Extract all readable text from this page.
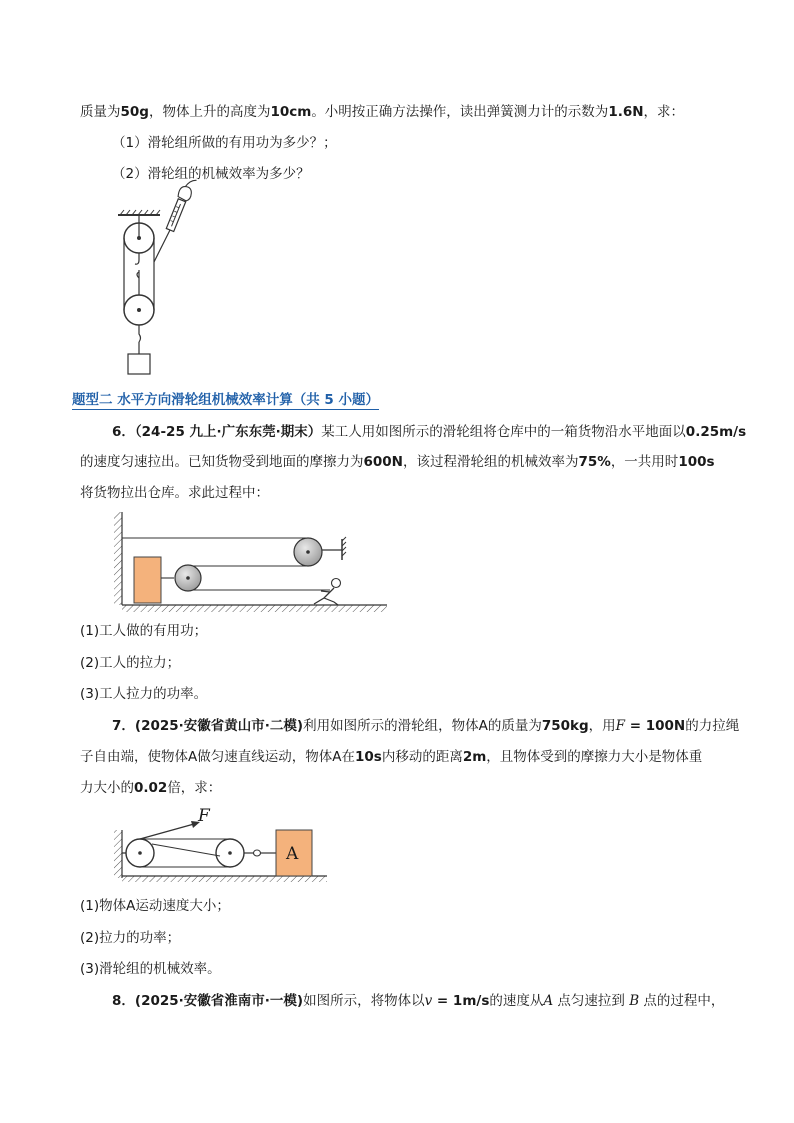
质量为50g，物体上升的高度为10cm。小明按正确方法操作，读出弹簧测力计的示数为1.6N，求：
（1）滑轮组所做的有用功为多少？；
（2）滑轮组的机械效率为多少？
题型二 水平方向滑轮组机械效率计算（共 5 小题）
6．（24-25 九上·广东东莞·期末）某工人用如图所示的滑轮组将仓库中的一箱货物沿水平地面以0.25m/s
的速度匀速拉出。已知货物受到地面的摩擦力为600N，该过程滑轮组的机械效率为75%，一共用时100s
将货物拉出仓库。求此过程中：
(1)工人做的有用功；
(2)工人的拉力；
(3)工人拉力的功率。
7．(2025·安徽省黄山市·二模)利用如图所示的滑轮组，物体A的质量为750kg，用F = 100N的力拉绳
子自由端，使物体A做匀速直线运动，物体A在10s内移动的距离2m，且物体受到的摩擦力大小是物体重
力大小的0.02倍，求：
F
A
(1)物体A运动速度大小；
(2)拉力的功率；
(3)滑轮组的机械效率。
8．(2025·安徽省淮南市·一模)如图所示，将物体以v = 1m/s的速度从A 点匀速拉到 B 点的过程中，
